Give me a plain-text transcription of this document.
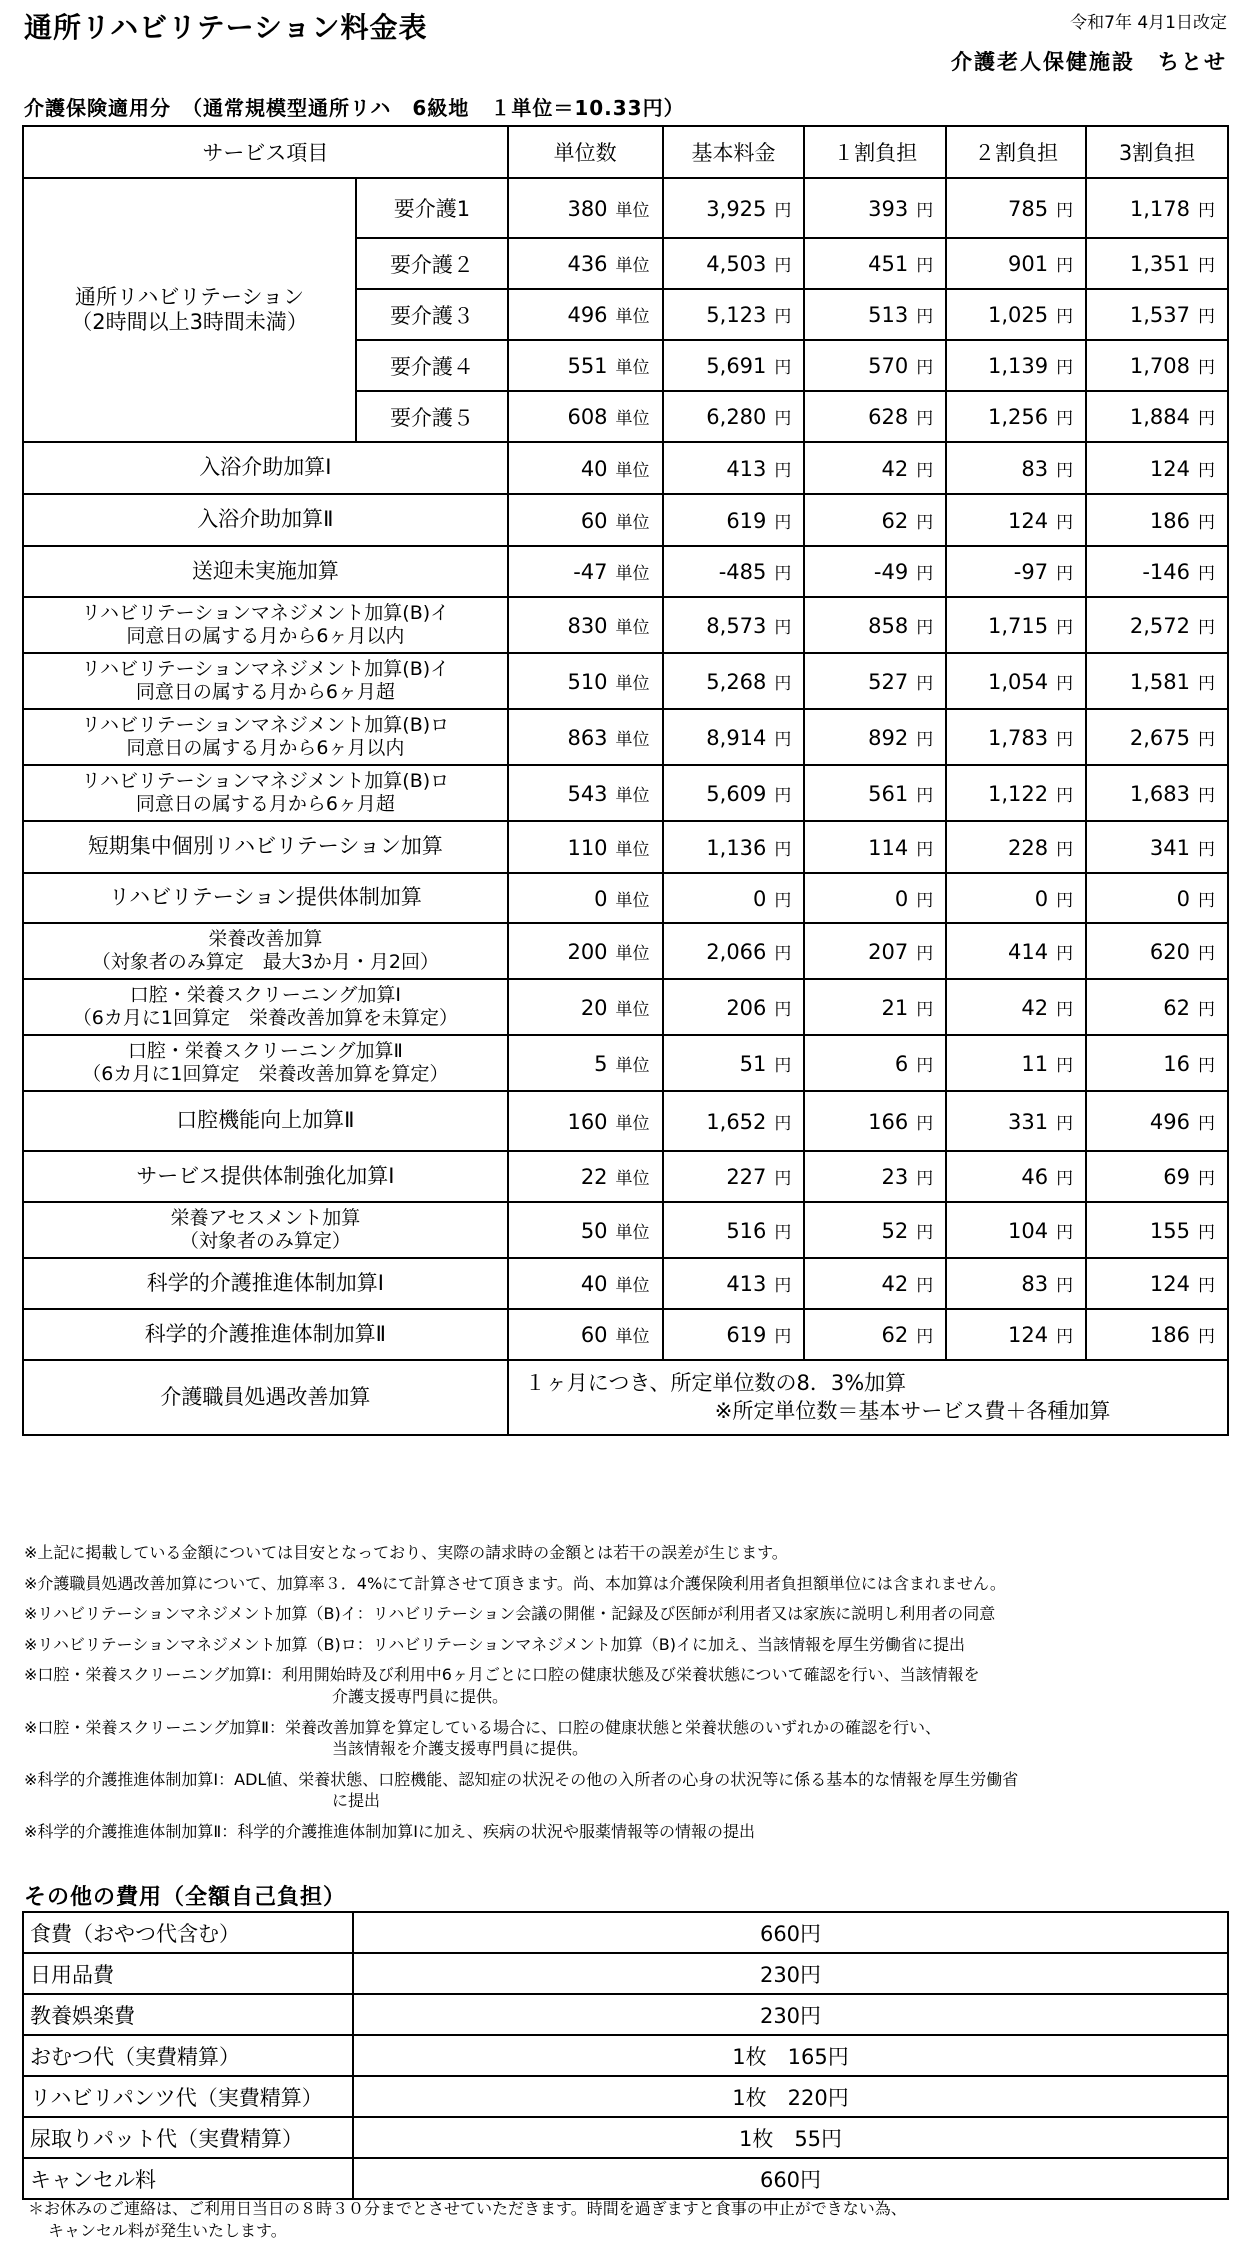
通所リハビリテーション料金表	令和7年 4月1日改定
介護老人保健施設　ちとせ
介護保険適用分　（通常規模型通所リハ　6級地　１単位＝10.33円）
サービス項目		単位数	基本料金	１割負担	２割負担	3割負担
通所リハビリテーション
（2時間以上3時間未満）	要介護1	380 単位	3,925 円	393 円	785 円	1,178 円
	要介護２	436 単位	4,503 円	451 円	901 円	1,351 円
	要介護３	496 単位	5,123 円	513 円	1,025 円	1,537 円
	要介護４	551 単位	5,691 円	570 円	1,139 円	1,708 円
	要介護５	608 単位	6,280 円	628 円	1,256 円	1,884 円
入浴介助加算Ⅰ		40 単位	413 円	42 円	83 円	124 円
入浴介助加算Ⅱ		60 単位	619 円	62 円	124 円	186 円
送迎未実施加算		-47 単位	-485 円	-49 円	-97 円	-146 円
リハビリテーションマネジメント加算(B)イ
同意日の属する月から6ヶ月以内		830 単位	8,573 円	858 円	1,715 円	2,572 円
リハビリテーションマネジメント加算(B)イ
同意日の属する月から6ヶ月超		510 単位	5,268 円	527 円	1,054 円	1,581 円
リハビリテーションマネジメント加算(B)ロ
同意日の属する月から6ヶ月以内		863 単位	8,914 円	892 円	1,783 円	2,675 円
リハビリテーションマネジメント加算(B)ロ
同意日の属する月から6ヶ月超		543 単位	5,609 円	561 円	1,122 円	1,683 円
短期集中個別リハビリテーション加算		110 単位	1,136 円	114 円	228 円	341 円
リハビリテーション提供体制加算		0 単位	0 円	0 円	0 円	0 円
栄養改善加算
（対象者のみ算定　最大3か月・月2回）		200 単位	2,066 円	207 円	414 円	620 円
口腔・栄養スクリーニング加算Ⅰ
（6カ月に1回算定　栄養改善加算を未算定）		20 単位	206 円	21 円	42 円	62 円
口腔・栄養スクリーニング加算Ⅱ
（6カ月に1回算定　栄養改善加算を算定）		5 単位	51 円	6 円	11 円	16 円
口腔機能向上加算Ⅱ		160 単位	1,652 円	166 円	331 円	496 円
サービス提供体制強化加算Ⅰ		22 単位	227 円	23 円	46 円	69 円
栄養アセスメント加算
（対象者のみ算定）		50 単位	516 円	52 円	104 円	155 円
科学的介護推進体制加算Ⅰ		40 単位	413 円	42 円	83 円	124 円
科学的介護推進体制加算Ⅱ		60 単位	619 円	62 円	124 円	186 円
介護職員処遇改善加算		１ヶ月につき、所定単位数の8．3%加算
※所定単位数＝基本サービス費＋各種加算				

※上記に掲載している金額については目安となっており、実際の請求時の金額とは若干の誤差が生じます。

※介護職員処遇改善加算について、加算率３．4%にて計算させて頂きます。尚、本加算は介護保険利用者負担額単位には含まれません。

※リハビリテーションマネジメント加算（B)イ：リハビリテーション会議の開催・記録及び医師が利用者又は家族に説明し利用者の同意

※リハビリテーションマネジメント加算（B)ロ：リハビリテーションマネジメント加算（B)イに加え、当該情報を厚生労働省に提出

※口腔・栄養スクリーニング加算Ⅰ：利用開始時及び利用中6ヶ月ごとに口腔の健康状態及び栄養状態について確認を行い、当該情報を
介護支援専門員に提供。

※口腔・栄養スクリーニング加算Ⅱ：栄養改善加算を算定している場合に、口腔の健康状態と栄養状態のいずれかの確認を行い、
当該情報を介護支援専門員に提供。

※科学的介護推進体制加算Ⅰ：ADL値、栄養状態、口腔機能、認知症の状況その他の入所者の心身の状況等に係る基本的な情報を厚生労働省
に提出

※科学的介護推進体制加算Ⅱ：科学的介護推進体制加算Ⅰに加え、疾病の状況や服薬情報等の情報の提出

その他の費用（全額自己負担）
食費（おやつ代含む）	660円
日用品費	230円
教養娯楽費	230円
おむつ代（実費精算）	1枚　165円
リハビリパンツ代（実費精算）	1枚　220円
尿取りパット代（実費精算）	1枚　55円
キャンセル料	660円
＊お休みのご連絡は、ご利用日当日の８時３０分までとさせていただきます。時間を過ぎますと食事の中止ができない為、
キャンセル料が発生いたします。
